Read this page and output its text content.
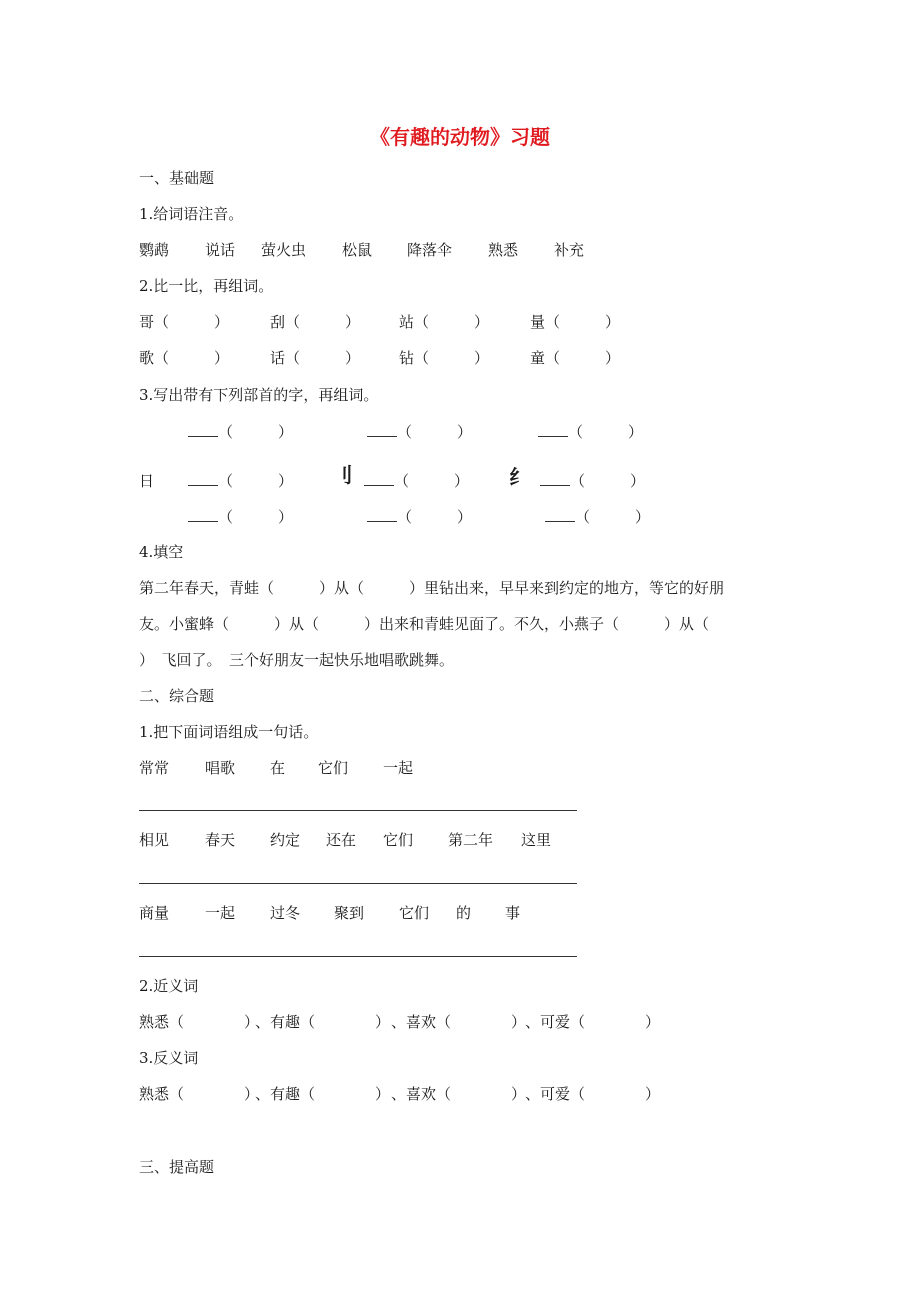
《有趣的动物》习题
一、基础题
1.给词语注音。
鹦鹉 说话 萤火虫 松鼠 降落伞 熟悉 补充
2.比一比，再组词。
哥（　　　）	刮（　　　）	站（　　　）	量（　　　）
歌（　　　）	话（　　　）	钻（　　　）	童（　　　）
3.写出带有下列部首的字，再组词。
（　　　）	（　　　）	（　　　）
日	（　　　） 刂	（　　　） 纟	（　　　）
（　　　）	（　　　）	（　　　）
4.填空
第二年春天，青蛙（　　　）从（　　　）里钻出来，早早来到约定的地方，等它的好朋
友。小蜜蜂（　　　）从（　　　）出来和青蛙见面了。不久，小燕子（　　　）从（
）　飞回了。　三个好朋友一起快乐地唱歌跳舞。
二、综合题
1.把下面词语组成一句话。
常常 唱歌 在 它们 一起
相见 春天 约定 还在 它们 第二年 这里
商量 一起 过冬 聚到 它们 的 事
2.近义词
熟悉（　　　　）
、有趣（　　　　） 、喜欢（　　　　）
、可爱（　　　　）
3.反义词
熟悉（　　　　）
、有趣（　　　　） 、喜欢（　　　　）
、可爱（　　　　）
三、提高题
